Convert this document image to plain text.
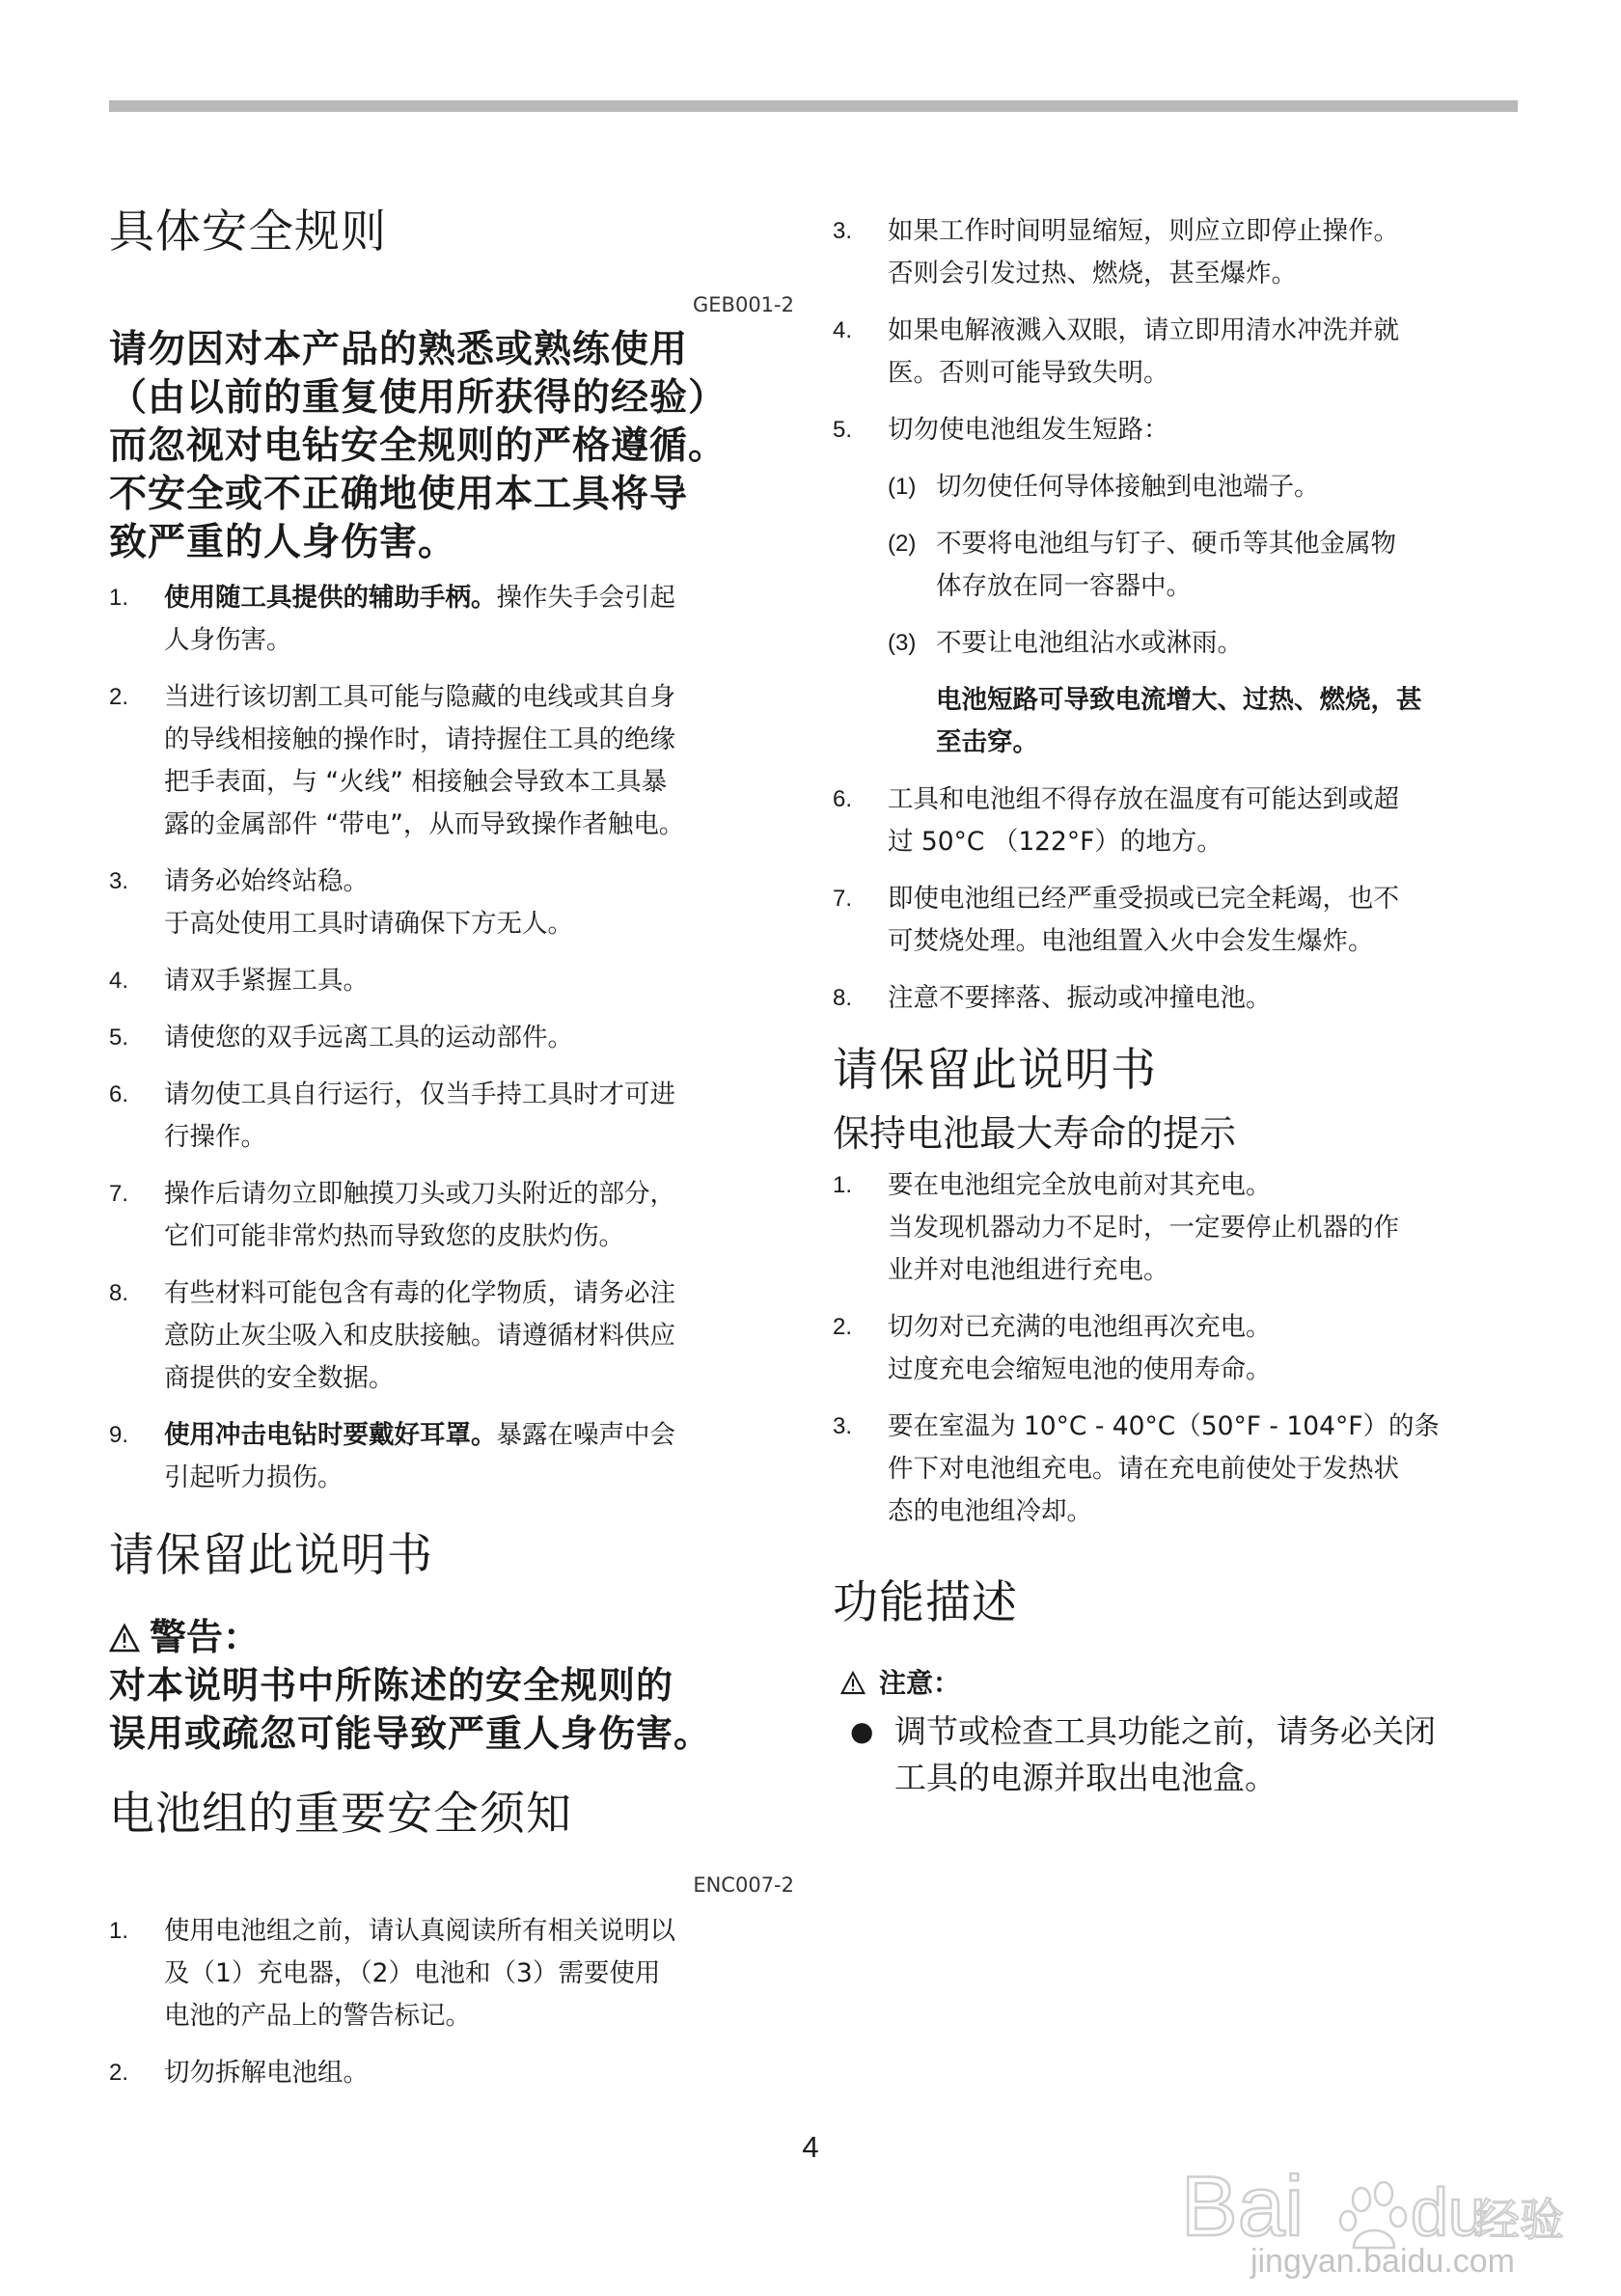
具体安全规则

GEB001-2

请勿因对本产品的熟悉或熟练使用

（由以前的重复使用所获得的经验）

而忽视对电钻安全规则的严格遵循。

不安全或不正确地使用本工具将导

致严重的人身伤害。

1. 使用随工具提供的辅助手柄。操作失手会引起
人身伤害。
2. 当进行该切割工具可能与隐藏的电线或其自身
的导线相接触的操作时，请持握住工具的绝缘
把手表面，与 “火线” 相接触会导致本工具暴
露的金属部件 “带电”，从而导致操作者触电。
3. 请务必始终站稳。
于高处使用工具时请确保下方无人。
4. 请双手紧握工具。
5. 请使您的双手远离工具的运动部件。
6. 请勿使工具自行运行，仅当手持工具时才可进
行操作。
7. 操作后请勿立即触摸刀头或刀头附近的部分，
它们可能非常灼热而导致您的皮肤灼伤。
8. 有些材料可能包含有毒的化学物质，请务必注
意防止灰尘吸入和皮肤接触。请遵循材料供应
商提供的安全数据。
9. 使用冲击电钻时要戴好耳罩。暴露在噪声中会
引起听力损伤。
请保留此说明书

警告：

对本说明书中所陈述的安全规则的

误用或疏忽可能导致严重人身伤害。

电池组的重要安全须知

ENC007-2

1. 使用电池组之前，请认真阅读所有相关说明以
及（1）充电器，（2）电池和（3）需要使用
电池的产品上的警告标记。
2. 切勿拆解电池组。
3. 如果工作时间明显缩短，则应立即停止操作。
否则会引发过热、燃烧，甚至爆炸。
4. 如果电解液溅入双眼，请立即用清水冲洗并就
医。否则可能导致失明。
5. 切勿使电池组发生短路：
(1) 切勿使任何导体接触到电池端子。
(2) 不要将电池组与钉子、硬币等其他金属物
体存放在同一容器中。
(3) 不要让电池组沾水或淋雨。

电池短路可导致电流增大、过热、燃烧，甚
至击穿。

6. 工具和电池组不得存放在温度有可能达到或超
过 50°C （122°F）的地方。
7. 即使电池组已经严重受损或已完全耗竭，也不
可焚烧处理。电池组置入火中会发生爆炸。
8. 注意不要摔落、振动或冲撞电池。
请保留此说明书
保持电池最大寿命的提示
1. 要在电池组完全放电前对其充电。
当发现机器动力不足时，一定要停止机器的作
业并对电池组进行充电。
2. 切勿对已充满的电池组再次充电。
过度充电会缩短电池的使用寿命。
3. 要在室温为 10°C - 40°C（50°F - 104°F）的条
件下对电池组充电。请在充电前使处于发热状
态的电池组冷却。
功能描述

注意：

● 调节或检查工具功能之前，请务必关闭
工具的电源并取出电池盒。

4
Bai du
经验
jingyan.baidu.com
